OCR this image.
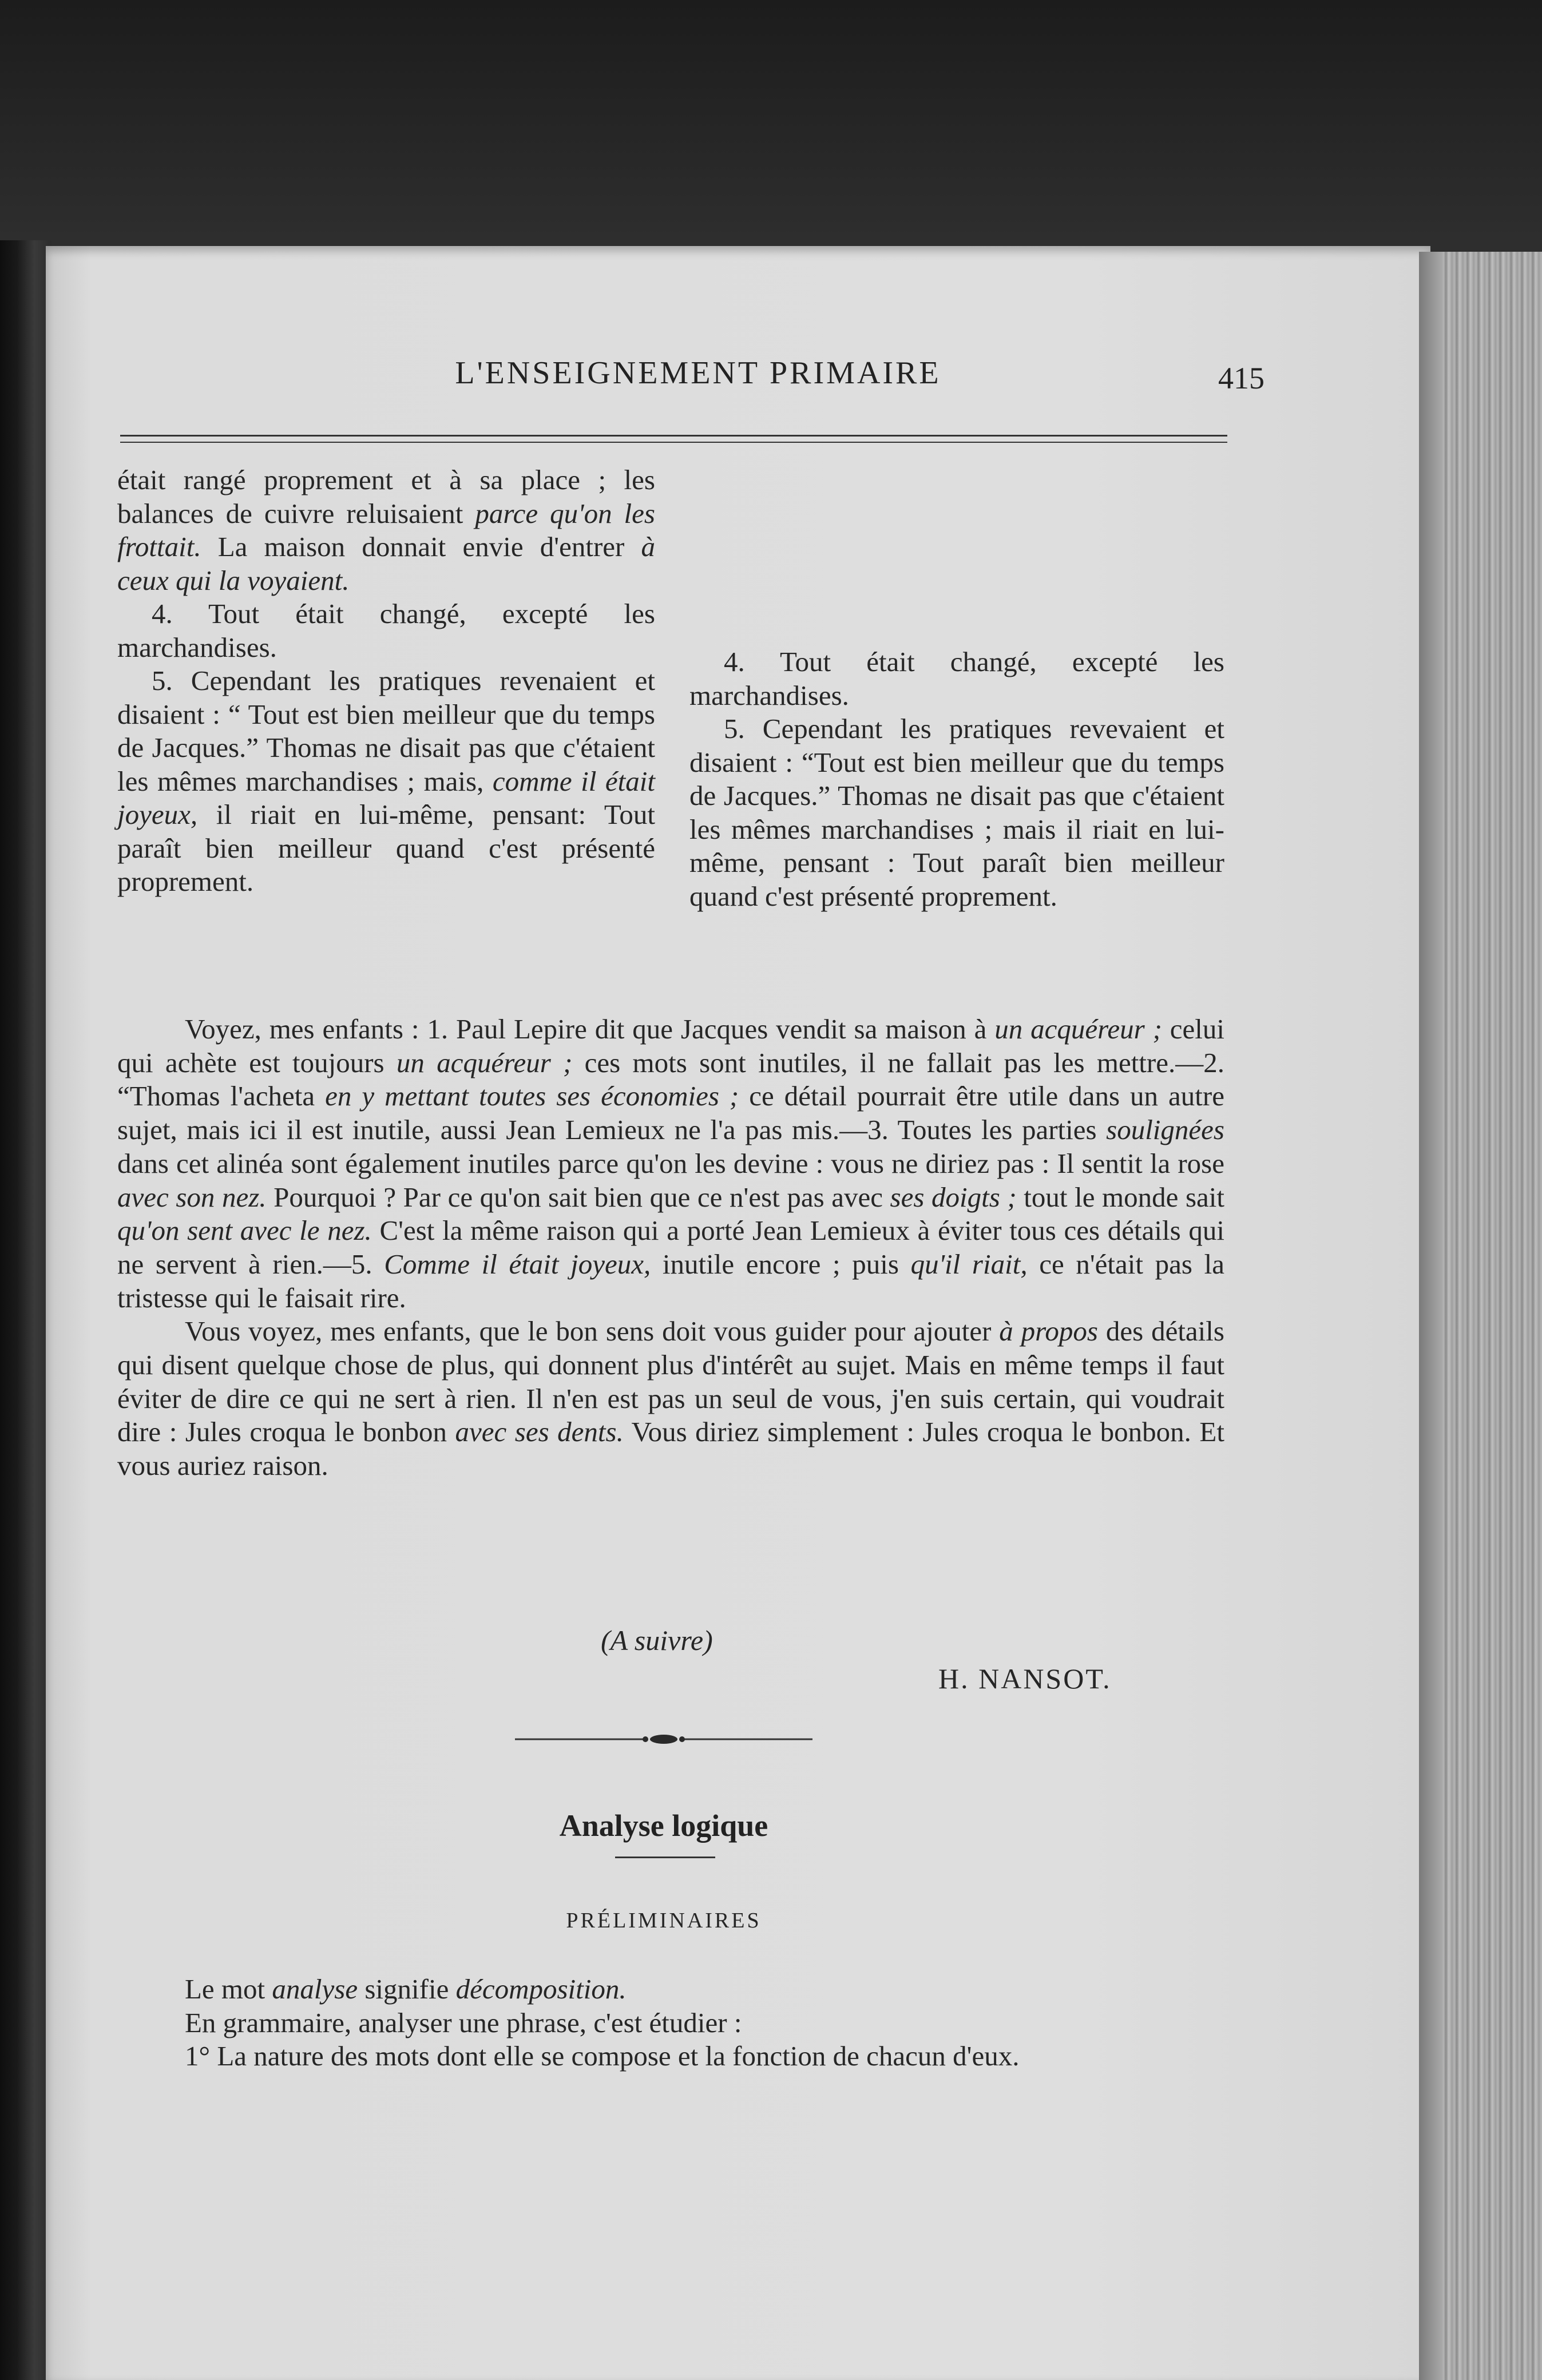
L'ENSEIGNEMENT PRIMAIRE	415

était rangé proprement et à sa place ; les balances de cuivre reluisaient parce qu'on les frottait. La maison donnait envie d'entrer à ceux qui la voyaient.

4. Tout était changé, excepté les marchandises.

5. Cependant les pratiques revenaient et disaient : “ Tout est bien meilleur que du temps de Jacques.” Thomas ne disait pas que c'étaient les mêmes marchandises ; mais, comme il était joyeux, il riait en lui-même, pensant: Tout paraît bien meilleur quand c'est présenté proprement.

4. Tout était changé, excepté les marchandises.

5. Cependant les pratiques revevaient et disaient : “Tout est bien meilleur que du temps de Jacques.” Thomas ne disait pas que c'étaient les mêmes marchandises ; mais il riait en lui-même, pensant : Tout paraît bien meilleur quand c'est présenté proprement.

Voyez, mes enfants : 1. Paul Lepire dit que Jacques vendit sa maison à un acquéreur ; celui qui achète est toujours un acquéreur ; ces mots sont inutiles, il ne fallait pas les mettre.—2. “Thomas l'acheta en y mettant toutes ses économies ; ce détail pourrait être utile dans un autre sujet, mais ici il est inutile, aussi Jean Lemieux ne l'a pas mis.—3. Toutes les parties soulignées dans cet alinéa sont également inutiles parce qu'on les devine : vous ne diriez pas : Il sentit la rose avec son nez. Pourquoi ? Par ce qu'on sait bien que ce n'est pas avec ses doigts ; tout le monde sait qu'on sent avec le nez. C'est la même raison qui a porté Jean Lemieux à éviter tous ces détails qui ne servent à rien.—5. Comme il était joyeux, inutile encore ; puis qu'il riait, ce n'était pas la tristesse qui le faisait rire.

Vous voyez, mes enfants, que le bon sens doit vous guider pour ajouter à propos des détails qui disent quelque chose de plus, qui donnent plus d'intérêt au sujet. Mais en même temps il faut éviter de dire ce qui ne sert à rien. Il n'en est pas un seul de vous, j'en suis certain, qui voudrait dire : Jules croqua le bonbon avec ses dents. Vous diriez simplement : Jules croqua le bonbon. Et vous auriez raison.

(A suivre)
H. NANSOT.
Analyse logique
PRÉLIMINAIRES

Le mot analyse signifie décomposition.

En grammaire, analyser une phrase, c'est étudier :

1° La nature des mots dont elle se compose et la fonction de chacun d'eux.
